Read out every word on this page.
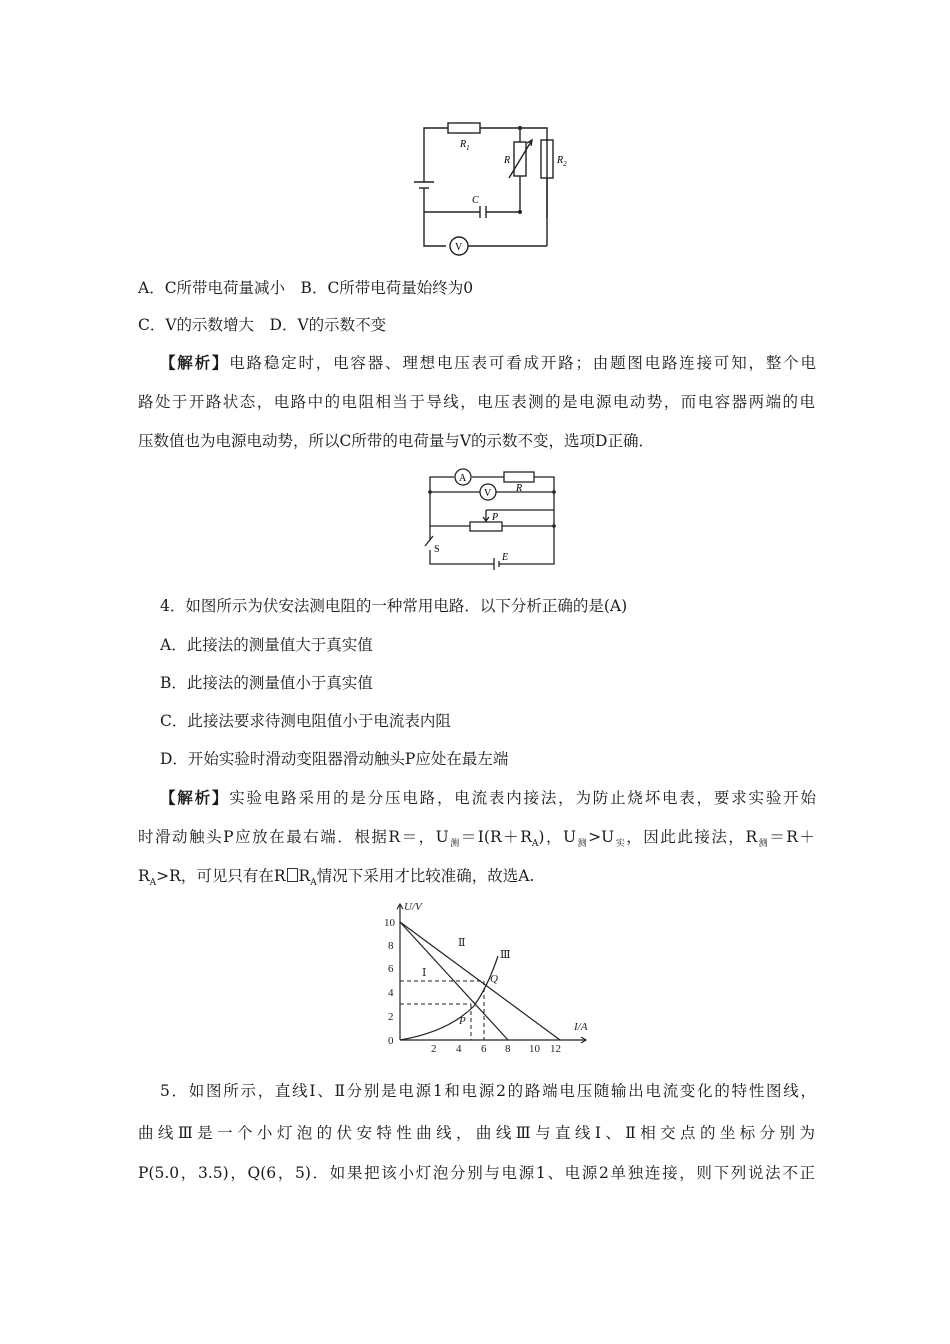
$R_1$
R	$R_2$
C
V
A．C所带电荷量减小　B．C所带电荷量始终为0
C．V的示数增大　D．V的示数不变
【解析】电路稳定时，电容器、理想电压表可看成开路；由题图电路连接可知，整个电
路处于开路状态，电路中的电阻相当于导线，电压表测的是电源电动势，而电容器两端的电
压数值也为电源电动势，所以C所带的电荷量与V的示数不变，选项D正确．
A
V R
P
S
E
4．如图所示为伏安法测电阻的一种常用电路．以下分析正确的是(A)
A．此接法的测量值大于真实值
B．此接法的测量值小于真实值
C．此接法要求待测电阻值小于电流表内阻
D．开始实验时滑动变阻器滑动触头P应处在最左端
【解析】实验电路采用的是分压电路，电流表内接法，为防止烧坏电表，要求实验开始
时滑动触头P应放在最右端．根据R＝，$U_测=I(R+R_A)$，$U_测>U_实$，因此此接法，$R_测=R+$
$R_A>R$，可见只有在R $R_A$情况下采用才比较准确，故选A.
U/V
I/A
10
8
6
4
2
0
2 4 6 8 10 12
Ⅰ
Ⅱ
Ⅲ
P
Q
5．如图所示，直线Ⅰ、Ⅱ分别是电源1和电源2的路端电压随输出电流变化的特性图线，
曲线Ⅲ是一个小灯泡的伏安特性曲线，曲线Ⅲ与直线Ⅰ、Ⅱ相交点的坐标分别为
P(5.0，3.5)，Q(6，5)．如果把该小灯泡分别与电源1、电源2单独连接，则下列说法不正
